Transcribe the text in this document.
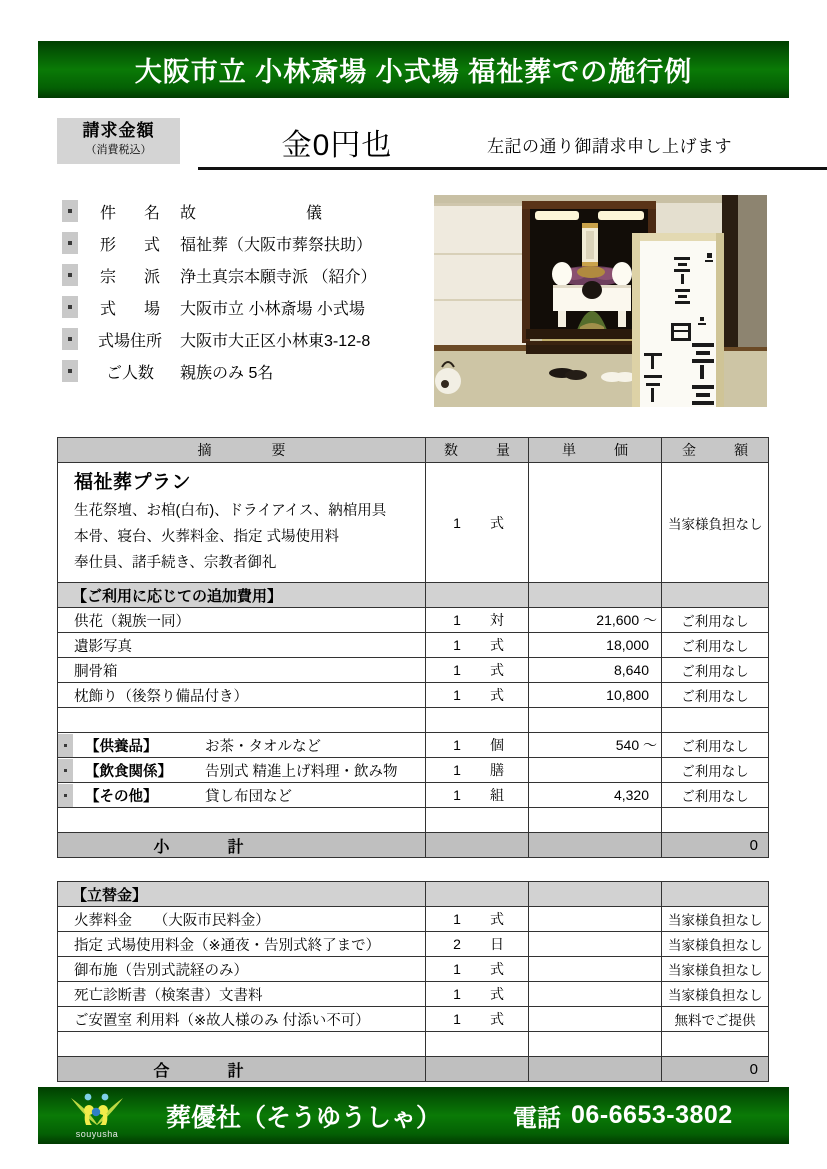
大阪市立 小林斎場 小式場 福祉葬での施行例
請求金額
（消費税込）	金0円也	左記の通り御請求申し上げます
件　名 故	儀
形　式 福祉葬（大阪市葬祭扶助）
宗　派 浄土真宗本願寺派 （紹介）
式　場 大阪市立 小林斎場 小式場
式場住所	大阪市大正区小林東3-12-8
ご人数	親族のみ 5名
摘 要	数 量	単 価	金 額

福祉葬プラン
生花祭壇、お棺(白布)、ドライアイス、納棺用具
本骨、寝台、火葬料金、指定 式場使用料
奉仕員、諸手続き、宗教者御礼	1 式		当家様負担なし
【ご利用に応じての追加費用】			
供花（親族一同）	1 対	21,600 ～	ご利用なし
遺影写真	1 式	18,000	ご利用なし
胴骨箱	1 式	8,640	ご利用なし
枕飾り（後祭り備品付き）	1 式	10,800	ご利用なし

【供養品】 お茶・タオルなど	1 個	540 ～	ご利用なし

【飲食関係】 告別式 精進上げ料理・飲み物	1 膳		ご利用なし

【その他】 貸し布団など	1 組	4,320	ご利用なし

小 計			0
【立替金】			
火葬料金　　（大阪市民料金）	1 式		当家様負担なし
指定 式場使用料金（※通夜・告別式終了まで）	2 日		当家様負担なし
御布施（告別式読経のみ）	1 式		当家様負担なし
死亡診断書（検案書）文書料	1 式		当家様負担なし
ご安置室 利用料（※故人様のみ 付添い不可）	1 式		無料でご提供

合 計			0
souyusha
葬優社（そうゆうしゃ）	電話 06-6653-3802
